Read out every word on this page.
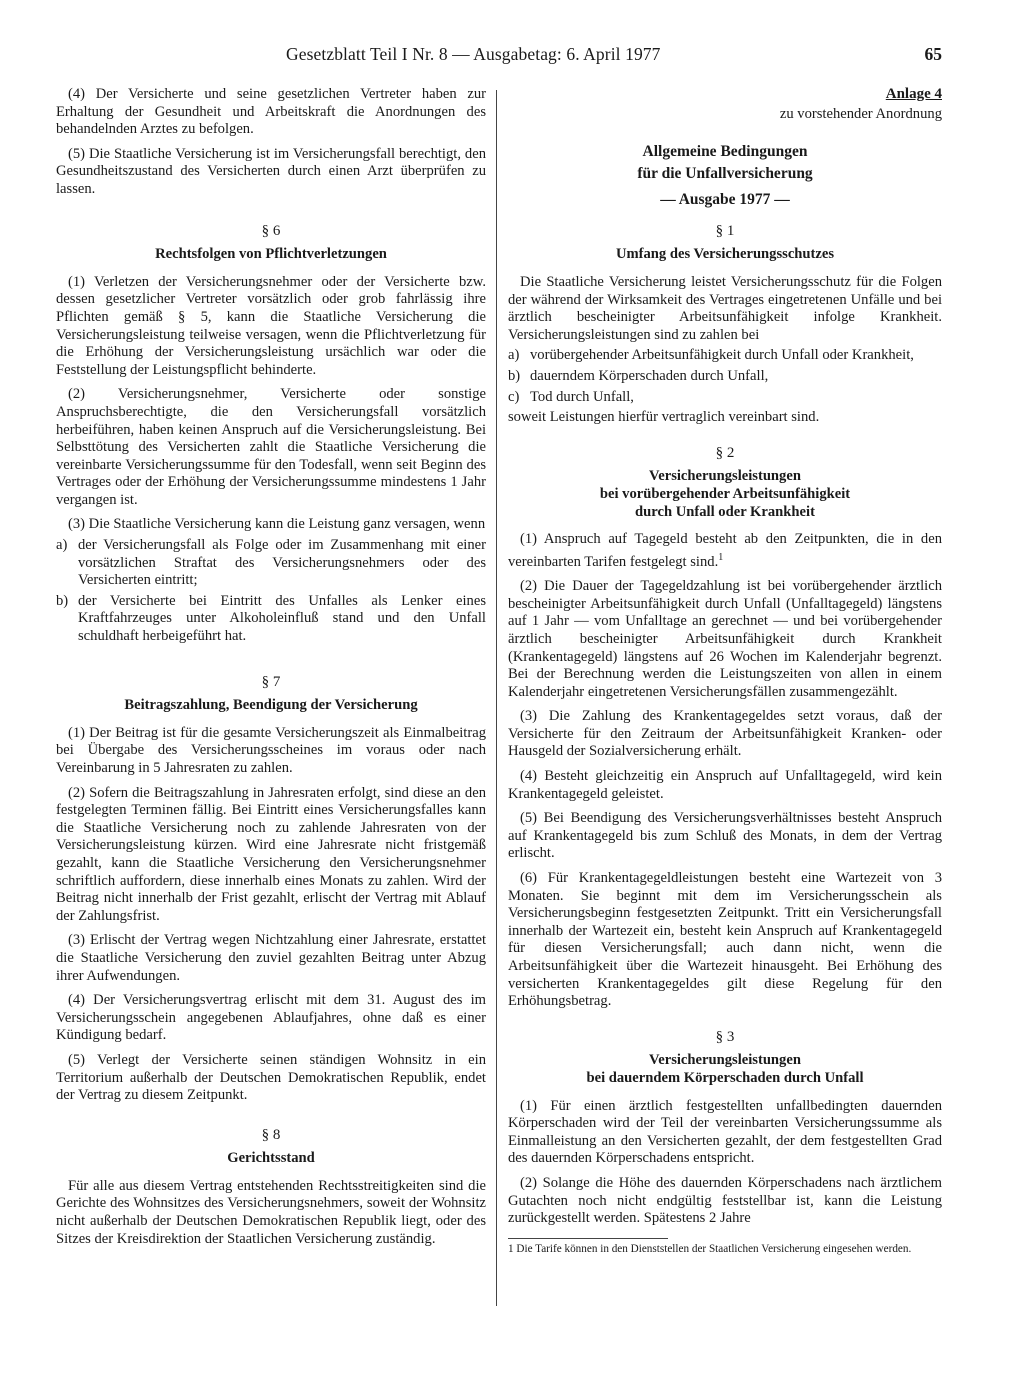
Gesetzblatt Teil I Nr. 8 — Ausgabetag: 6. April 1977	65

(4) Der Versicherte und seine gesetzlichen Vertreter haben zur Erhaltung der Gesundheit und Arbeitskraft die Anordnungen des behandelnden Arztes zu befolgen.

(5) Die Staatliche Versicherung ist im Versicherungsfall berechtigt, den Gesundheitszustand des Versicherten durch einen Arzt überprüfen zu lassen.

§ 6
Rechtsfolgen von Pflichtverletzungen

(1) Verletzen der Versicherungsnehmer oder der Versicherte bzw. dessen gesetzlicher Vertreter vorsätzlich oder grob fahrlässig ihre Pflichten gemäß § 5, kann die Staatliche Versicherung die Versicherungsleistung teilweise versagen, wenn die Pflichtverletzung für die Erhöhung der Versicherungsleistung ursächlich war oder die Feststellung der Leistungspflicht behinderte.

(2) Versicherungsnehmer, Versicherte oder sonstige Anspruchsberechtigte, die den Versicherungsfall vorsätzlich herbeiführen, haben keinen Anspruch auf die Versicherungsleistung. Bei Selbsttötung des Versicherten zahlt die Staatliche Versicherung die vereinbarte Versicherungssumme für den Todesfall, wenn seit Beginn des Vertrages oder der Erhöhung der Versicherungssumme mindestens 1 Jahr vergangen ist.

(3) Die Staatliche Versicherung kann die Leistung ganz versagen, wenn

a) der Versicherungsfall als Folge oder im Zusammenhang mit einer vorsätzlichen Straftat des Versicherungsnehmers oder des Versicherten eintritt;
b) der Versicherte bei Eintritt des Unfalles als Lenker eines Kraftfahrzeuges unter Alkoholeinfluß stand und den Unfall schuldhaft herbeigeführt hat.
§ 7
Beitragszahlung, Beendigung der Versicherung

(1) Der Beitrag ist für die gesamte Versicherungszeit als Einmalbeitrag bei Übergabe des Versicherungsscheines im voraus oder nach Vereinbarung in 5 Jahresraten zu zahlen.

(2) Sofern die Beitragszahlung in Jahresraten erfolgt, sind diese an den festgelegten Terminen fällig. Bei Eintritt eines Versicherungsfalles kann die Staatliche Versicherung noch zu zahlende Jahresraten von der Versicherungsleistung kürzen. Wird eine Jahresrate nicht fristgemäß gezahlt, kann die Staatliche Versicherung den Versicherungsnehmer schriftlich auffordern, diese innerhalb eines Monats zu zahlen. Wird der Beitrag nicht innerhalb der Frist gezahlt, erlischt der Vertrag mit Ablauf der Zahlungsfrist.

(3) Erlischt der Vertrag wegen Nichtzahlung einer Jahresrate, erstattet die Staatliche Versicherung den zuviel gezahlten Beitrag unter Abzug ihrer Aufwendungen.

(4) Der Versicherungsvertrag erlischt mit dem 31. August des im Versicherungsschein angegebenen Ablaufjahres, ohne daß es einer Kündigung bedarf.

(5) Verlegt der Versicherte seinen ständigen Wohnsitz in ein Territorium außerhalb der Deutschen Demokratischen Republik, endet der Vertrag zu diesem Zeitpunkt.

§ 8
Gerichtsstand

Für alle aus diesem Vertrag entstehenden Rechtsstreitigkeiten sind die Gerichte des Wohnsitzes des Versicherungsnehmers, soweit der Wohnsitz nicht außerhalb der Deutschen Demokratischen Republik liegt, oder des Sitzes der Kreisdirektion der Staatlichen Versicherung zuständig.

Anlage 4

zu vorstehender Anordnung

Allgemeine Bedingungen
für die Unfallversicherung
— Ausgabe 1977 —
§ 1
Umfang des Versicherungsschutzes

Die Staatliche Versicherung leistet Versicherungsschutz für die Folgen der während der Wirksamkeit des Vertrages eingetretenen Unfälle und bei ärztlich bescheinigter Arbeitsunfähigkeit infolge Krankheit. Versicherungsleistungen sind zu zahlen bei

a) vorübergehender Arbeitsunfähigkeit durch Unfall oder Krankheit,
b) dauerndem Körperschaden durch Unfall,
c) Tod durch Unfall,

soweit Leistungen hierfür vertraglich vereinbart sind.

§ 2
Versicherungsleistungen
bei vorübergehender Arbeitsunfähigkeit
durch Unfall oder Krankheit

(1) Anspruch auf Tagegeld besteht ab den Zeitpunkten, die in den vereinbarten Tarifen festgelegt sind.$^1$

(2) Die Dauer der Tagegeldzahlung ist bei vorübergehender ärztlich bescheinigter Arbeitsunfähigkeit durch Unfall (Unfalltagegeld) längstens auf 1 Jahr — vom Unfalltage an gerechnet — und bei vorübergehender ärztlich bescheinigter Arbeitsunfähigkeit durch Krankheit (Krankentagegeld) längstens auf 26 Wochen im Kalenderjahr begrenzt. Bei der Berechnung werden die Leistungszeiten von allen in einem Kalenderjahr eingetretenen Versicherungsfällen zusammengezählt.

(3) Die Zahlung des Krankentagegeldes setzt voraus, daß der Versicherte für den Zeitraum der Arbeitsunfähigkeit Kranken- oder Hausgeld der Sozialversicherung erhält.

(4) Besteht gleichzeitig ein Anspruch auf Unfalltagegeld, wird kein Krankentagegeld geleistet.

(5) Bei Beendigung des Versicherungsverhältnisses besteht Anspruch auf Krankentagegeld bis zum Schluß des Monats, in dem der Vertrag erlischt.

(6) Für Krankentagegeldleistungen besteht eine Wartezeit von 3 Monaten. Sie beginnt mit dem im Versicherungsschein als Versicherungsbeginn festgesetzten Zeitpunkt. Tritt ein Versicherungsfall innerhalb der Wartezeit ein, besteht kein Anspruch auf Krankentagegeld für diesen Versicherungsfall; auch dann nicht, wenn die Arbeitsunfähigkeit über die Wartezeit hinausgeht. Bei Erhöhung des versicherten Krankentagegeldes gilt diese Regelung für den Erhöhungsbetrag.

§ 3
Versicherungsleistungen
bei dauerndem Körperschaden durch Unfall

(1) Für einen ärztlich festgestellten unfallbedingten dauernden Körperschaden wird der Teil der vereinbarten Versicherungssumme als Einmalleistung an den Versicherten gezahlt, der dem festgestellten Grad des dauernden Körperschadens entspricht.

(2) Solange die Höhe des dauernden Körperschadens nach ärztlichem Gutachten noch nicht endgültig feststellbar ist, kann die Leistung zurückgestellt werden. Spätestens 2 Jahre

1 Die Tarife können in den Dienststellen der Staatlichen Versicherung eingesehen werden.
